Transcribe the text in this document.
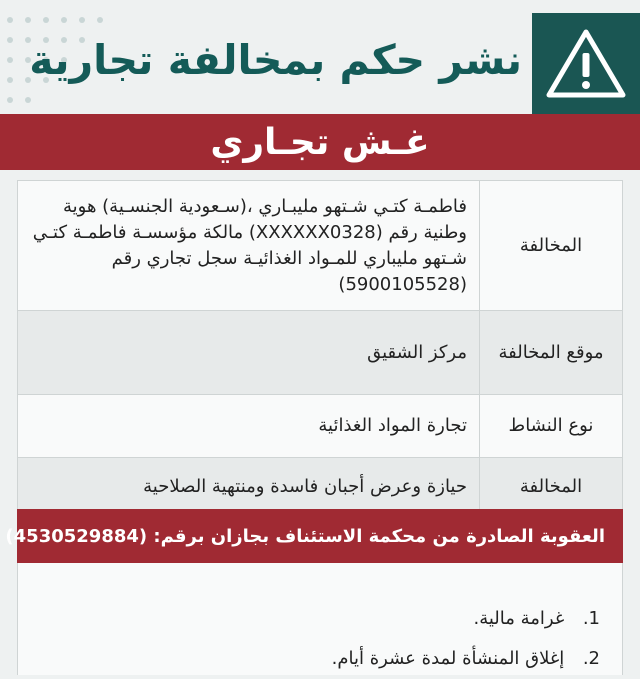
نشر حكم بمخالفة تجارية
غـش تجـاري
المخالفة	فاطمـة كتـي شـتهو مليبـاري ،(سـعودية الجنسـية) هوية وطنية رقم (XXXXXX0328) مالكة مؤسسـة فاطمـة كتـي شـتهو مليباري للمـواد الغذائيـة سجل تجاري رقم (5900105528)
موقع المخالفة	مركز الشقيق
نوع النشاط	تجارة المواد الغذائية
المخالفة	حيازة وعرض أجبان فاسدة ومنتهية الصلاحية
العقوبة الصادرة من محكمة الاستئناف بجازان برقم: (4530529884)
1. غرامة مالية.
2. إغلاق المنشأة لمدة عشرة أيام.
